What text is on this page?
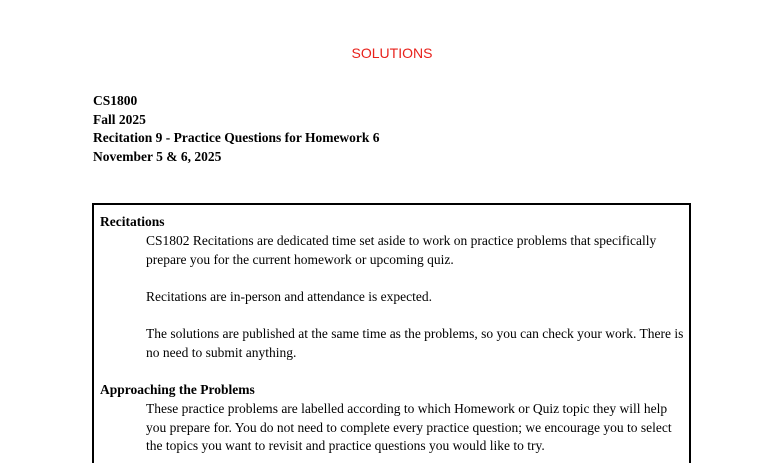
SOLUTIONS
CS1800
Fall 2025
Recitation 9 - Practice Questions for Homework 6
November 5 & 6, 2025
Recitations
CS1802 Recitations are dedicated time set aside to work on practice problems that specifically prepare you for the current homework or upcoming quiz.
Recitations are in-person and attendance is expected.
The solutions are published at the same time as the problems, so you can check your work. There is no need to submit anything.
Approaching the Problems
These practice problems are labelled according to which Homework or Quiz topic they will help you prepare for. You do not need to complete every practice question; we encourage you to select the topics you want to revisit and practice questions you would like to try.
